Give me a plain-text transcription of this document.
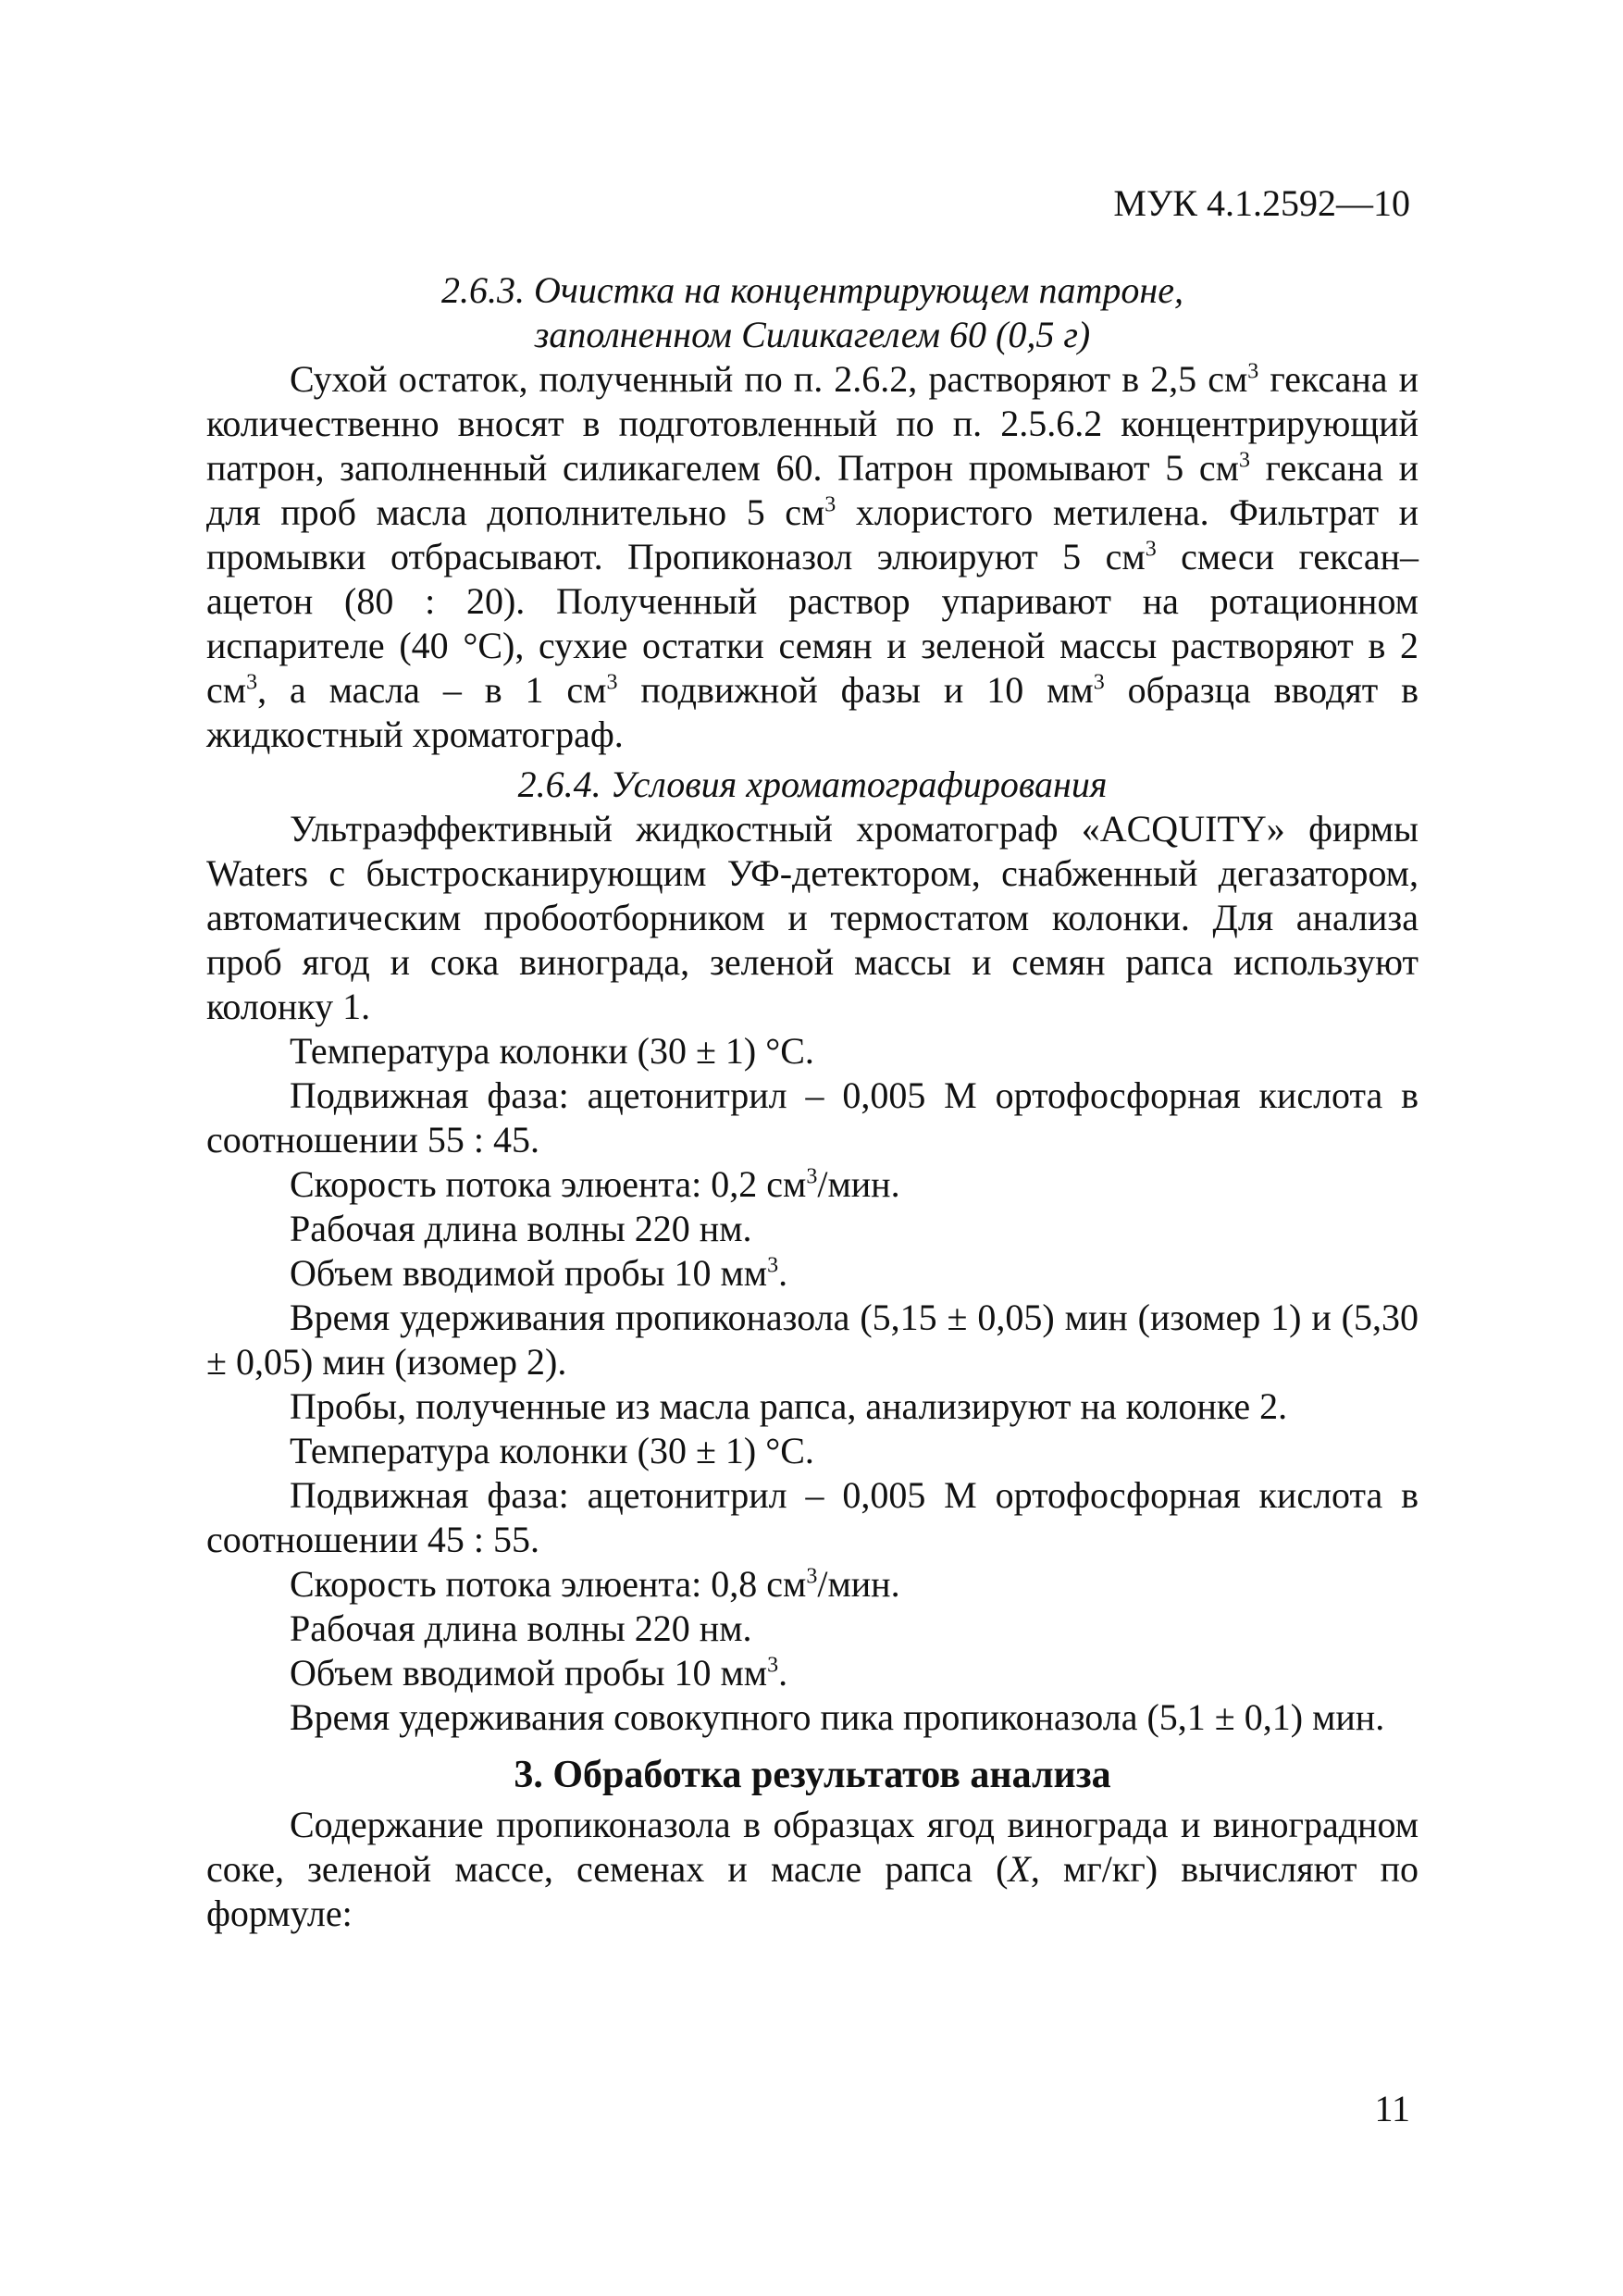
МУК 4.1.2592—10

2.6.3. Очистка на концентрирующем патроне,

заполненном Силикагелем 60 (0,5 г)

Сухой остаток, полученный по п. 2.6.2, растворяют в 2,5 $см^3$ гексана и количественно вносят в подготовленный по п. 2.5.6.2 концентрирующий патрон, заполненный силикагелем 60. Патрон промывают 5 $см^3$ гексана и для проб масла дополнительно 5 $см^3$ хлористого метилена. Фильтрат и промывки отбрасывают. Пропиконазол элюируют 5 $см^3$ смеси гексан–ацетон (80 : 20). Полученный раствор упаривают на ротационном испарителе (40 °С), сухие остатки семян и зеленой массы растворяют в 2 $см^3$, а масла – в 1 $см^3$ подвижной фазы и 10 $мм^3$ образца вводят в жидкостный хроматограф.

2.6.4. Условия хроматографирования

Ультраэффективный жидкостный хроматограф «ACQUITY» фирмы Waters с быстросканирующим УФ-детектором, снабженный дегазатором, автоматическим пробоотборником и термостатом колонки. Для анализа проб ягод и сока винограда, зеленой массы и семян рапса используют колонку 1.

Температура колонки (30 ± 1) °С.

Подвижная фаза: ацетонитрил – 0,005 М ортофосфорная кислота в соотношении 55 : 45.

Скорость потока элюента: 0,2 $см^3$/мин.

Рабочая длина волны 220 нм.

Объем вводимой пробы 10 $мм^3$.

Время удерживания пропиконазола (5,15 ± 0,05) мин (изомер 1) и (5,30 ± 0,05) мин (изомер 2).

Пробы, полученные из масла рапса, анализируют на колонке 2.

Температура колонки (30 ± 1) °С.

Подвижная фаза: ацетонитрил – 0,005 М ортофосфорная кислота в соотношении 45 : 55.

Скорость потока элюента: 0,8 $см^3$/мин.

Рабочая длина волны 220 нм.

Объем вводимой пробы 10 $мм^3$.

Время удерживания совокупного пика пропиконазола (5,1 ± 0,1) мин.

3. Обработка результатов анализа

Содержание пропиконазола в образцах ягод винограда и виноградном соке, зеленой массе, семенах и масле рапса (X, мг/кг) вычисляют по формуле:

11
